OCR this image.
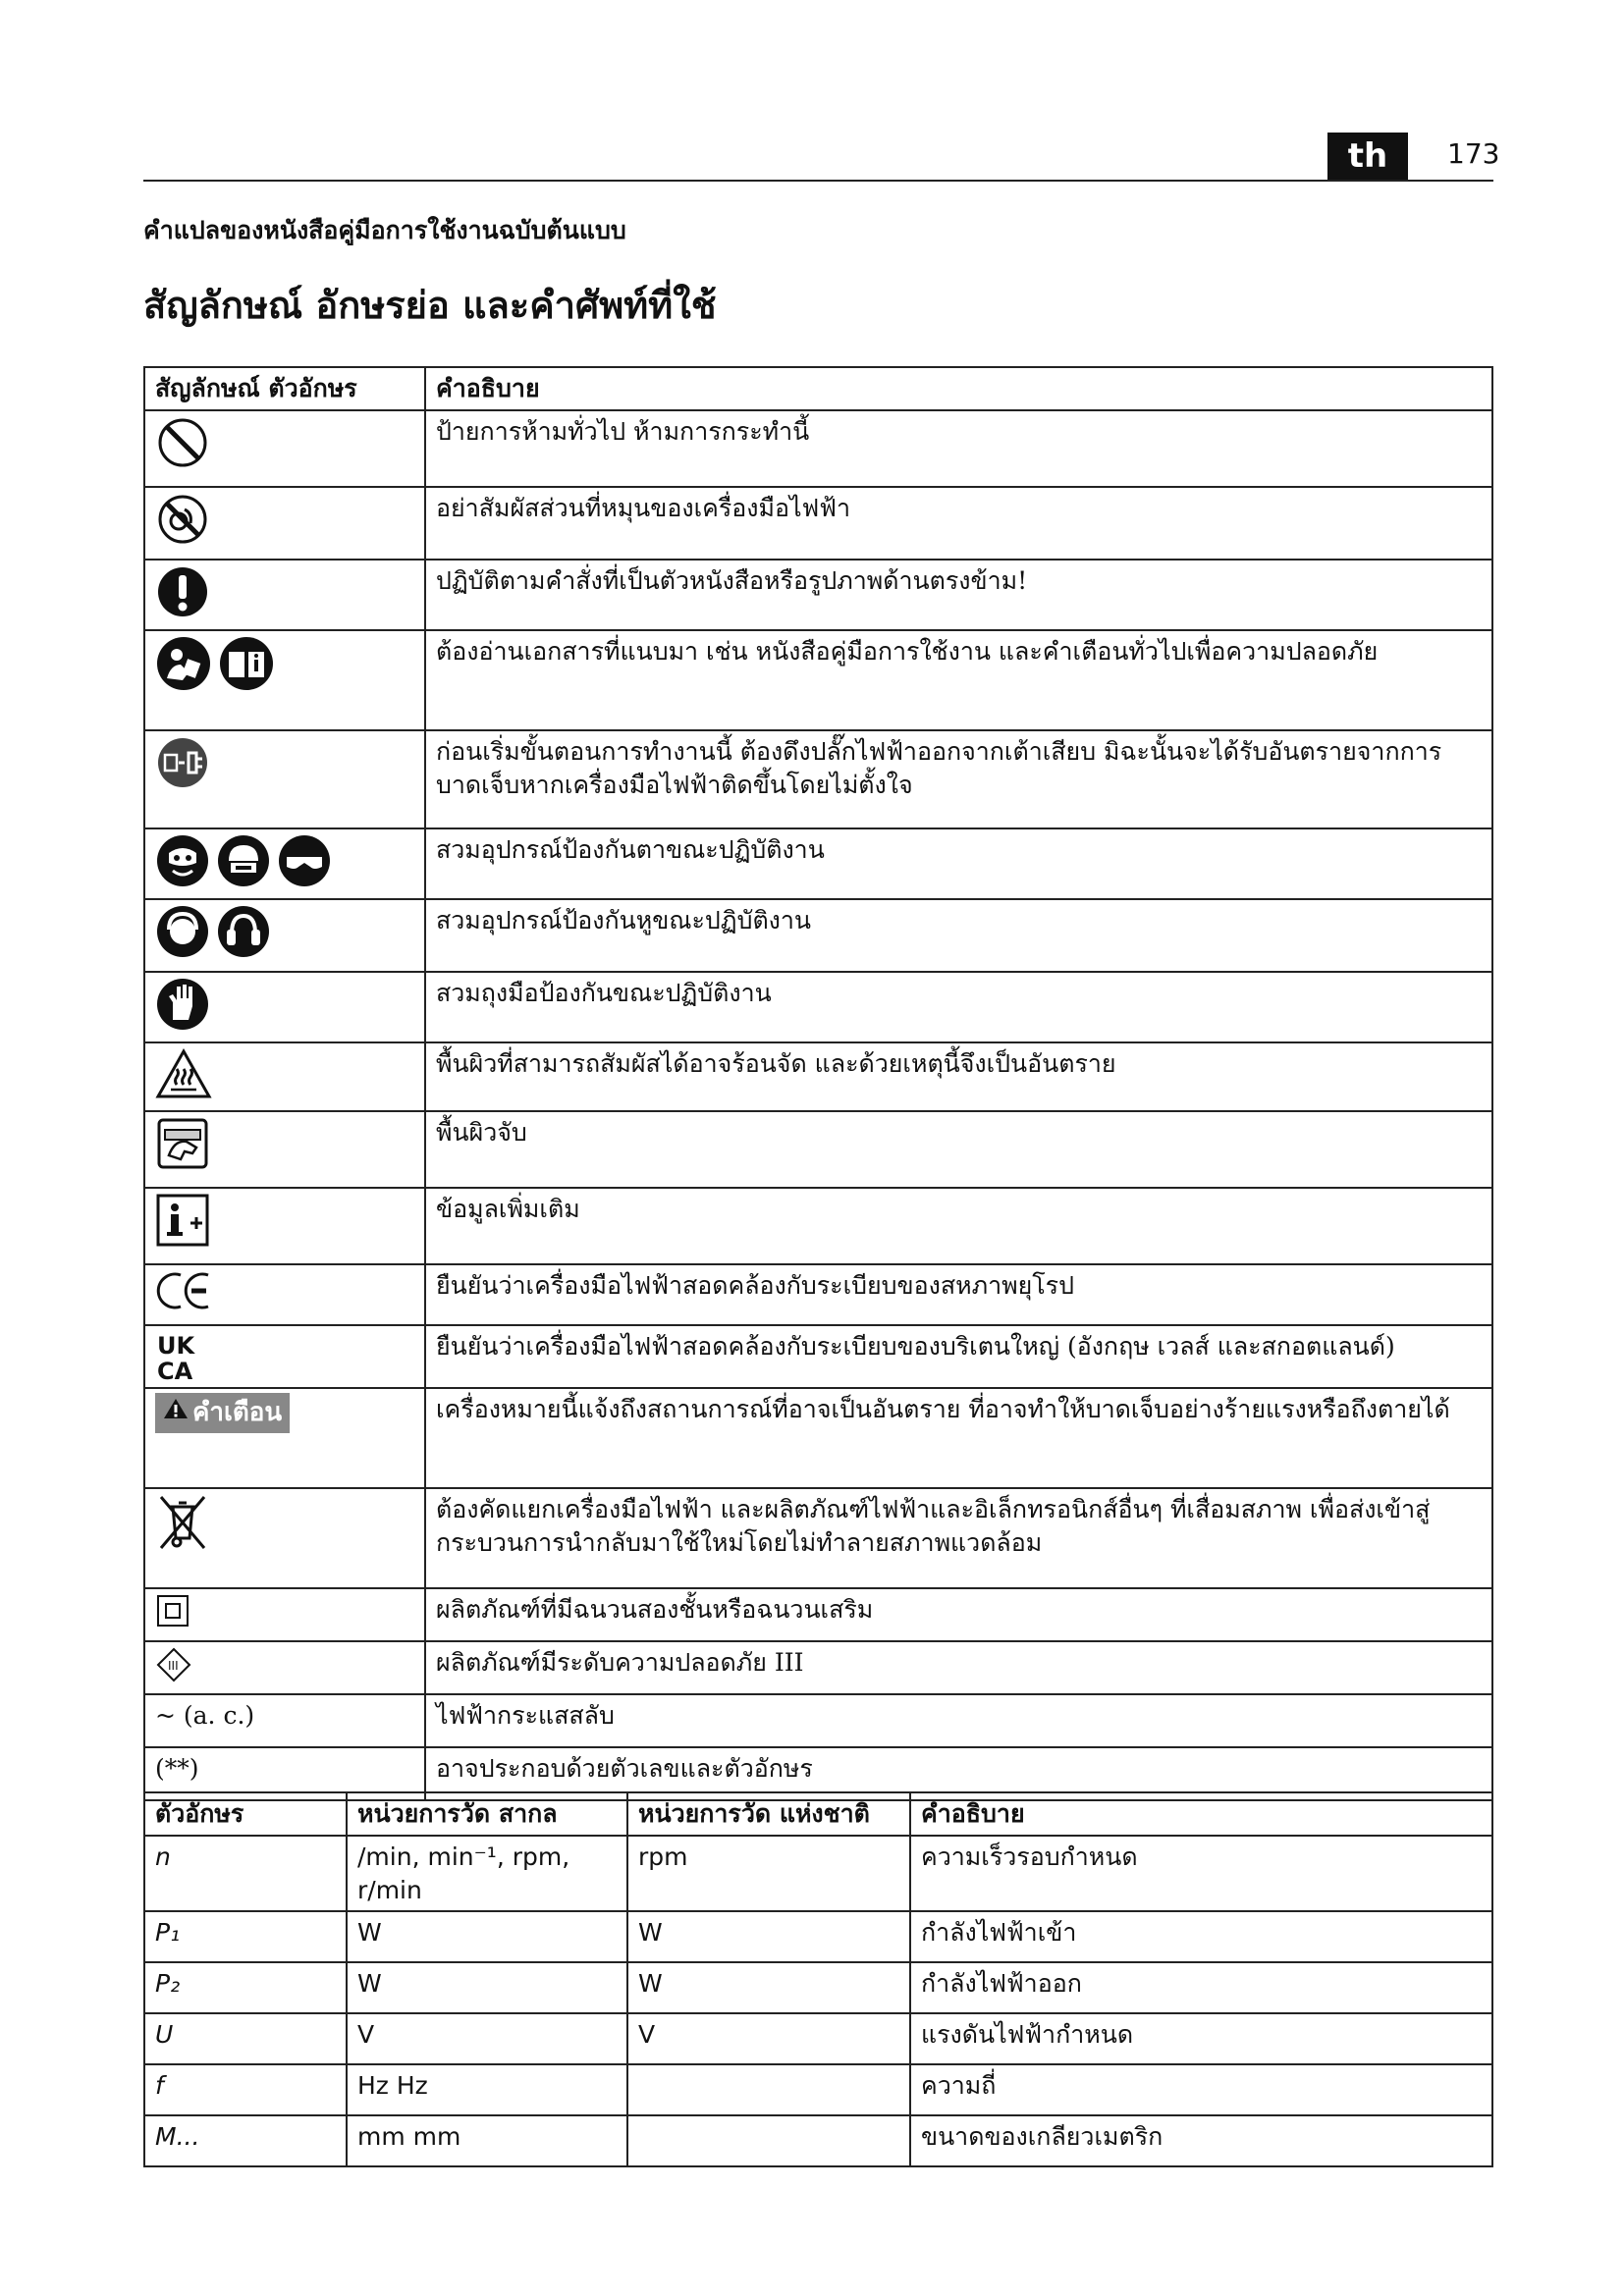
th	173
คำแปลของหนังสือคู่มือการใช้งานฉบับต้นแบบ
สัญลักษณ์ อักษรย่อ และคำศัพท์ที่ใช้
สัญลักษณ์ ตัวอักษร	คำอธิบาย

ป้ายการห้ามทั่วไป ห้ามการกระทำนี้

อย่าสัมผัสส่วนที่หมุนของเครื่องมือไฟฟ้า

ปฏิบัติตามคำสั่งที่เป็นตัวหนังสือหรือรูปภาพด้านตรงข้าม!

ต้องอ่านเอกสารที่แนบมา เช่น หนังสือคู่มือการใช้งาน และคำเตือนทั่วไปเพื่อความปลอดภัย

ก่อนเริ่มขั้นตอนการทำงานนี้ ต้องดึงปลั๊กไฟฟ้าออกจากเต้าเสียบ มิฉะนั้นจะได้รับอันตรายจากการบาดเจ็บหากเครื่องมือไฟฟ้าติดขึ้นโดยไม่ตั้งใจ

สวมอุปกรณ์ป้องกันตาขณะปฏิบัติงาน

สวมอุปกรณ์ป้องกันหูขณะปฏิบัติงาน

สวมถุงมือป้องกันขณะปฏิบัติงาน

พื้นผิวที่สามารถสัมผัสได้อาจร้อนจัด และด้วยเหตุนี้จึงเป็นอันตราย

พื้นผิวจับ

ข้อมูลเพิ่มเติม

ยืนยันว่าเครื่องมือไฟฟ้าสอดคล้องกับระเบียบของสหภาพยุโรป

UK
CA	ยืนยันว่าเครื่องมือไฟฟ้าสอดคล้องกับระเบียบของบริเตนใหญ่ (อังกฤษ เวลส์ และสกอตแลนด์)

คำเตือน	เครื่องหมายนี้แจ้งถึงสถานการณ์ที่อาจเป็นอันตราย ที่อาจทำให้บาดเจ็บอย่างร้ายแรงหรือถึงตายได้

ต้องคัดแยกเครื่องมือไฟฟ้า และผลิตภัณฑ์ไฟฟ้าและอิเล็กทรอนิกส์อื่นๆ ที่เสื่อมสภาพ เพื่อส่งเข้าสู่กระบวนการนำกลับมาใช้ใหม่โดยไม่ทำลายสภาพแวดล้อม

ผลิตภัณฑ์ที่มีฉนวนสองชั้นหรือฉนวนเสริม

III	ผลิตภัณฑ์มีระดับความปลอดภัย III

~ (a. c.)	ไฟฟ้ากระแสสลับ

(**)	อาจประกอบด้วยตัวเลขและตัวอักษร
ตัวอักษร	หน่วยการวัด สากล	หน่วยการวัด แห่งชาติ	คำอธิบาย
n	/min, min⁻¹, rpm, r/min	rpm	ความเร็วรอบกำหนด
P₁	W	W	กำลังไฟฟ้าเข้า
P₂	W	W	กำลังไฟฟ้าออก
U	V	V	แรงดันไฟฟ้ากำหนด
f	Hz Hz		ความถี่
M...	mm mm		ขนาดของเกลียวเมตริก
